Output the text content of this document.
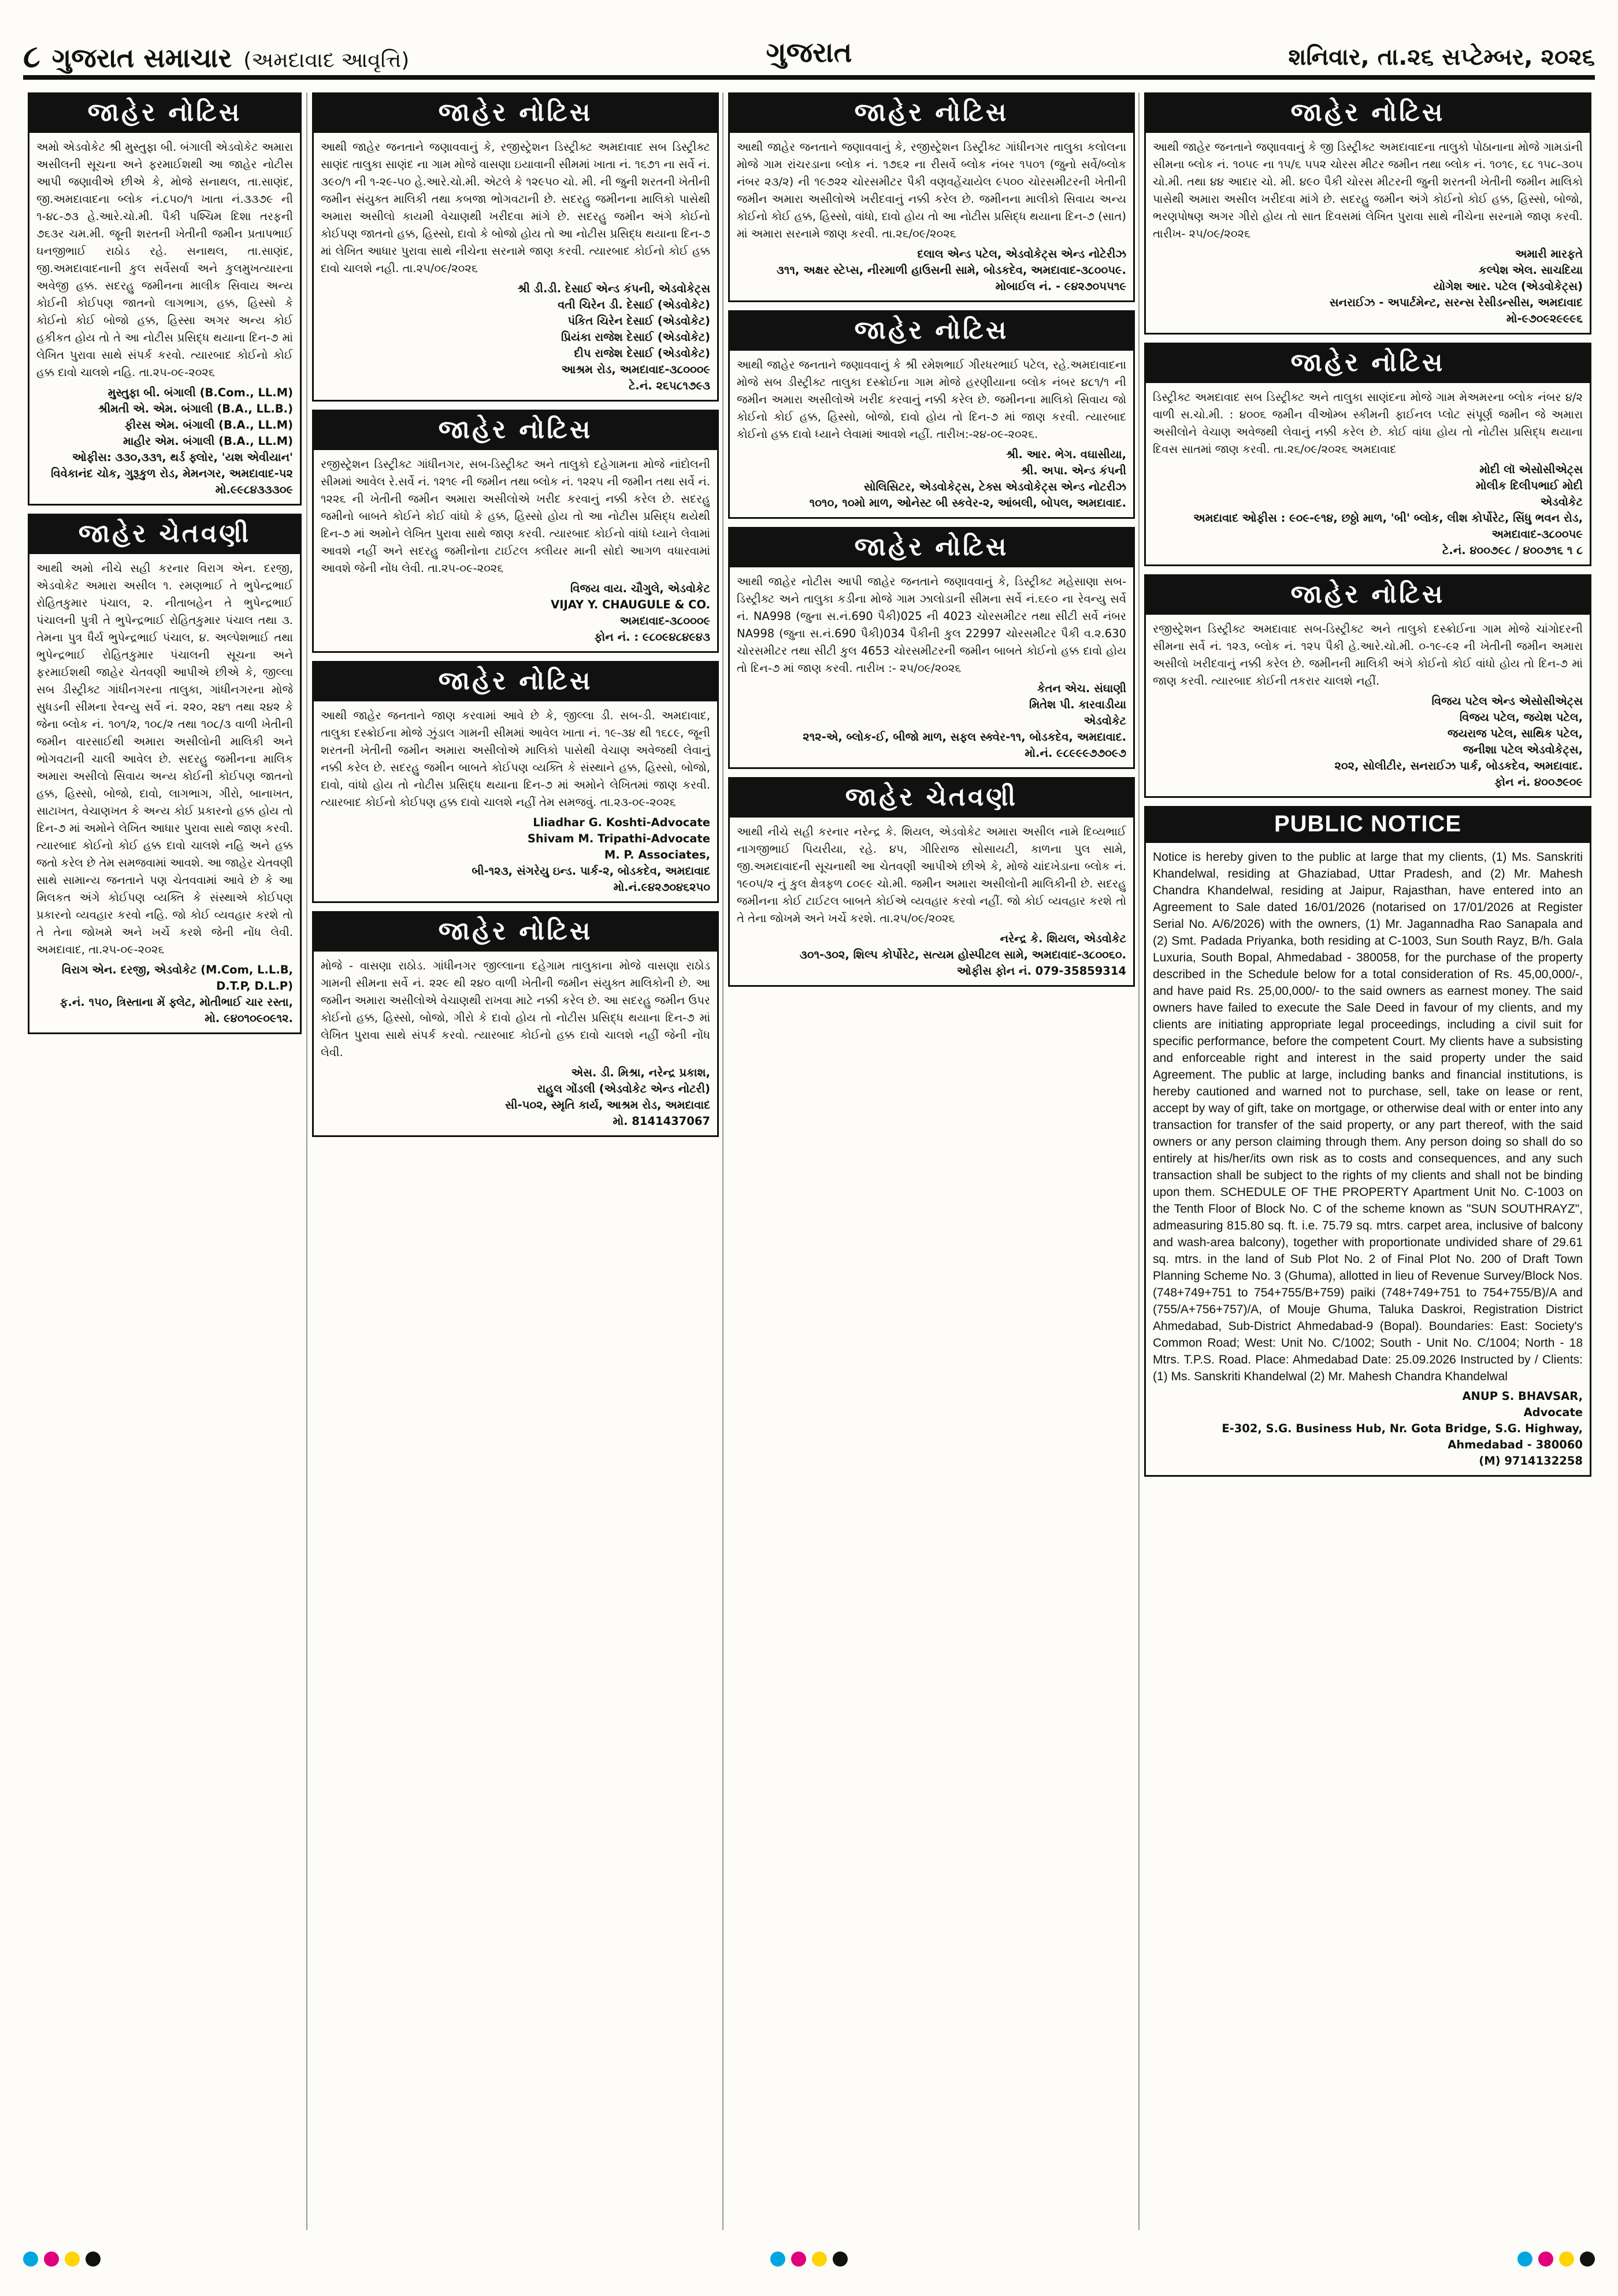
૮ ગુજરાત સમાચાર (અમદાવાદ આવૃત્તિ)	ગુજરાત	શનિવાર, તા.૨૬ સપ્ટેમ્બર, ૨૦૨૬
જાહેર નોટિસ
અમો એડવોકેટ શ્રી મુસ્તુફા બી. બંગાલી એડવોકેટ અમારા અસીલની સૂચના અને ફરમાઈશથી આ જાહેર નોટીસ આપી જણાવીએ છીએ કે, મોજે સનાથલ, તા.સાણંદ, જી.અમદાવાદના બ્લોક નં.૮૫૦/૧ ખાતા નં.૩૩૭૯ ની ૧-૪૮-૭૩ હે.આરે.ચો.મી. પૈકી પશ્ચિમ દિશા તરફની ૭૬૩ર ચમ.મી. જૂની શરતની ખેતીની જમીન પ્રતાપભાઈ ઘનજીભાઈ રાઠોડ રહે. સનાથલ, તા.સાણંદ, જી.અમદાવાદનાની કુલ સર્વેસર્વા અને કુલમુખત્યારના અવેજી હક્ક. સદરહુ જમીનના માલીક સિવાય અન્ય કોઈની કોઈપણ જાતનો લાગભાગ, હક્ક, હિસ્સો કે કોઈનો કોઈ બોજો હક્ક, હિસ્સા અગર અન્ય કોઈ હકીકત હોય તો તે આ નોટીસ પ્રસિદ્ધ થયાના દિન-૭ માં લેખિત પુરાવા સાથે સંપર્ક કરવો. ત્યારબાદ કોઈનો કોઈ હક્ક દાવો ચાલશે નહિ. તા.૨૫-૦૯-૨૦૨૬
મુસ્તુફા બી. બંગાલી (B.Com., LL.M)
શ્રીમતી એ. એમ. બંગાલી (B.A., LL.B.)
ફીરસ એમ. બંગાલી (B.A., LL.M)
માહીર એમ. બંગાલી (B.A., LL.M)
ઓફીસ: ૩૩૦,૩૩૧, થર્ડ ફ્લોર, 'યશ એવીયાન' વિવેકાનંદ ચોક, ગુરૂકુળ રોડ, મેમનગર, અમદાવાદ-૫૨ મો.૯૯૮૪૩૩૩૦૯
જાહેર ચેતવણી
આથી અમો નીચે સહી કરનાર વિરાગ એન. દરજી, એડવોકેટ અમારા અસીલ ૧. રમણભાઈ તે ભુપેન્દ્રભાઈ રોહિતકુમાર પંચાલ, ૨. નીતાબહેન તે ભુપેન્દ્રભાઈ પંચાલની પુત્રી તે ભુપેન્દ્રભાઈ રોહિતકુમાર પંચાલ તથા ૩. તેમના પુત્ર ધૈર્ય ભુપેન્દ્રભાઈ પંચાલ, ૪. અલ્પેશભાઈ તથા ભુપેન્દ્રભાઈ રોહિતકુમાર પંચાલની સૂચના અને ફરમાઈશથી જાહેર ચેતવણી આપીએ છીએ કે, જીલ્લા સબ ડીસ્ટ્રીક્ટ ગાંધીનગરના તાલુકા, ગાંધીનગરના મોજે સુધડની સીમના રેવન્યુ સર્વે નં. ૨૨૦, ૨૪૧ તથા ૨૪૨ કે જેના બ્લોક નં. ૧૦૧/૨, ૧૦૮/૨ તથા ૧૦૮/૩ વાળી ખેતીની જમીન વારસાઈથી અમારા અસીલોની માલિકી અને ભોગવટાની ચાલી આવેલ છે. સદરહુ જમીનના માલિક અમારા અસીલો સિવાય અન્ય કોઈની કોઈપણ જાતનો હક્ક, હિસ્સો, બોજો, દાવો, લાગભાગ, ગીરો, બાનાખત, સાટાખત, વેચાણખત કે અન્ય કોઈ પ્રકારનો હક્ક હોય તો દિન-૭ માં અમોને લેખિત આધાર પુરાવા સાથે જાણ કરવી. ત્યારબાદ કોઈનો કોઈ હક્ક દાવો ચાલશે નહિ અને હક્ક જતો કરેલ છે તેમ સમજવામાં આવશે. આ જાહેર ચેતવણી સાથે સામાન્ય જનતાને પણ ચેતવવામાં આવે છે કે આ મિલકત અંગે કોઈપણ વ્યક્તિ કે સંસ્થાએ કોઈપણ પ્રકારનો વ્યવહાર કરવો નહિ. જો કોઈ વ્યવહાર કરશે તો તે તેના જોખમે અને ખર્ચે કરશે જેની નોંધ લેવી. અમદાવાદ, તા.૨૫-૦૯-૨૦૨૬
વિરાગ એન. દરજી, એડવોકેટ (M.Com, L.L.B, D.T.P, D.L.P)
ફ.નં. ૧૫૦, ત્રિસ્તાના મેં ફ્લેટ, મોતીભાઈ ચાર રસ્તા,
મો. ૯૪૦૧૦૯૦૯૧૨.
જાહેર નોટિસ
આથી જાહેર જનતાને જણાવવાનું કે, રજીસ્ટ્રેશન ડિસ્ટ્રીક્ટ અમદાવાદ સબ ડિસ્ટ્રીક્ટ સાણંદ તાલુકા સાણંદ ના ગામ મોજે વાસણા ઇયાવાની સીમમાં ખાતા નં. ૧૬૭૧ ના સર્વે નં. ૩૯૦/૧ ની ૧-૨૯-૫૦ હે.આરે.ચો.મી. એટલે કે ૧૨૯૫૦ ચો. મી. ની જુની શરતની ખેતીની જમીન સંયુક્ત માલિકી તથા કબજા ભોગવટાની છે. સદરહુ જમીનના માલિકો પાસેથી અમારા અસીલો કાયમી વેચાણથી ખરીદવા માંગે છે. સદરહુ જમીન અંગે કોઈનો કોઈપણ જાતનો હક્ક, હિસ્સો, દાવો કે બોજો હોય તો આ નોટીસ પ્રસિદ્ધ થયાના દિન-૭ માં લેખિત આધાર પુરાવા સાથે નીચેના સરનામે જાણ કરવી. ત્યારબાદ કોઈનો કોઈ હક્ક દાવો ચાલશે નહી. તા.૨૫/૦૯/૨૦૨૬
શ્રી ડી.ડી. દેસાઈ એન્ડ કંપની, એડવોકેટ્સ
વતી ચિરેન ડી. દેસાઈ (એડવોકેટ)
પંકિત ચિરેન દેસાઈ (એડવોકેટ)
પ્રિયંકા રાજેશ દેસાઈ (એડવોકેટ)
દીપ રાજેશ દેસાઈ (એડવોકેટ)
આશ્રમ રોડ, અમદાવાદ-૩૮૦૦૦૯
ટે.નં. ૨૬૫૮૧૭૯૩
જાહેર નોટિસ
રજીસ્ટ્રેશન ડિસ્ટ્રીક્ટ ગાંધીનગર, સબ-ડિસ્ટ્રીક્ટ અને તાલુકો દહેગામના મોજે નાંદોલની સીમમાં આવેલ રે.સર્વે નં. ૧૨૧૯ ની જમીન તથા બ્લોક નં. ૧૨૨૫ ની જમીન તથા સર્વે નં. ૧૨૨૬ ની ખેતીની જમીન અમારા અસીલોએ ખરીદ કરવાનું નક્કી કરેલ છે. સદરહુ જમીનો બાબતે કોઈને કોઈ વાંધો કે હક્ક, હિસ્સો હોય તો આ નોટીસ પ્રસિદ્ધ થયેથી દિન-૭ માં અમોને લેખિત પુરાવા સાથે જાણ કરવી. ત્યારબાદ કોઈનો વાંધો ધ્યાને લેવામાં આવશે નહીં અને સદરહુ જમીનોના ટાઈટલ ક્લીયર માની સોદો આગળ વધારવામાં આવશે જેની નોંધ લેવી. તા.૨૫-૦૯-૨૦૨૬
વિજય વાય. ચૌગુલે, એડવોકેટ
VIJAY Y. CHAUGULE & CO.
અમદાવાદ-૩૮૦૦૦૯
ફોન નં. : ૯૮૦૯૪૮૪૯૪૩
જાહેર નોટિસ
આથી જાહેર જનતાને જાણ કરવામાં આવે છે કે, જીલ્લા ડી. સબ-ડી. અમદાવાદ, તાલુકા દસ્ક્રોઈના મોજે ઝુંડાલ ગામની સીમમાં આવેલ ખાતા નં. ૧૯-૩૪ થી ૧૬૮૯, જૂની શરતની ખેતીની જમીન અમારા અસીલોએ માલિકો પાસેથી વેચાણ અવેજથી લેવાનું નક્કી કરેલ છે. સદરહુ જમીન બાબતે કોઈપણ વ્યક્તિ કે સંસ્થાને હક્ક, હિસ્સો, બોજો, દાવો, વાંધો હોય તો નોટીસ પ્રસિદ્ધ થયાના દિન-૭ માં અમોને લેખિતમાં જાણ કરવી. ત્યારબાદ કોઈનો કોઈપણ હક્ક દાવો ચાલશે નહીં તેમ સમજવું. તા.૨૩-૦૯-૨૦૨૬
Lliadhar G. Koshti-Advocate
Shivam M. Tripathi-Advocate
M. P. Associates,
બી-૧૨૩, સંગરેયુ ઇન્ડ. પાર્ક-૨, બોડકદેવ, અમદાવાદ
મો.નં.૯૪૨૭૦૪૬૨૫૦
જાહેર નોટિસ
મોજે - વાસણા રાઠોડ. ગાંધીનગર જીલ્લાના દહેગામ તાલુકાના મોજે વાસણા રાઠોડ ગામની સીમના સર્વે નં. ૨૨૯ થી ૨૪૦ વાળી ખેતીની જમીન સંયુક્ત માલિકોની છે. આ જમીન અમારા અસીલોએ વેચાણથી રાખવા માટે નક્કી કરેલ છે. આ સદરહુ જમીન ઉપર કોઈનો હક્ક, હિસ્સો, બોજો, ગીરો કે દાવો હોય તો નોટીસ પ્રસિદ્ધ થયાના દિન-૭ માં લેખિત પુરાવા સાથે સંપર્ક કરવો. ત્યારબાદ કોઈનો હક્ક દાવો ચાલશે નહીં જેની નોંધ લેવી.
એસ. ડી. મિશ્રા, નરેન્દ્ર પ્રકાશ,
રાહુલ ગોંડલી (એડવોકેટ એન્ડ નોટરી)
સી-૫૦૨, સ્મૃતિ કાર્ય, આશ્રમ રોડ, અમદાવાદ
મો. 8141437067
જાહેર નોટિસ
આથી જાહેર જનતાને જણાવવાનું કે, રજીસ્ટ્રેશન ડિસ્ટ્રીક્ટ ગાંધીનગર તાલુકા કલોલના મોજે ગામ રાંચરડાના બ્લોક નં. ૧૭૬૨ ના રીસર્વે બ્લોક નંબર ૧૫૦૧ (જુનો સર્વે/બ્લોક નંબર ૨૩/૨) ની ૧૯૭૨૨ ચોરસમીટર પૈકી વણવહેંચાયેલ ૯૫૦૦ ચોરસમીટરની ખેતીની જમીન અમારા અસીલોએ ખરીદવાનું નક્કી કરેલ છે. જમીનના માલીકો સિવાય અન્ય કોઈનો કોઈ હક્ક, હિસ્સો, વાંધો, દાવો હોય તો આ નોટીસ પ્રસિદ્ધ થયાના દિન-૭ (સાત) માં અમારા સરનામે જાણ કરવી. તા.૨૬/૦૯/૨૦૨૬
દલાલ એન્ડ પટેલ, એડવોકેટ્સ એન્ડ નોટેરીઝ
૩૧૧, અક્ષર સ્ટેપ્સ, નીરમાળી હાઉસની સામે, બોડકદેવ, અમદાવાદ-૩૮૦૦૫૯.
મોબાઈલ નં. - ૯૪૨૭૦૫૫૧૯
જાહેર નોટિસ
આથી જાહેર જનતાને જણાવવાનું કે શ્રી રમેશભાઈ ગીરધરભાઈ પટેલ, રહે.અમદાવાદના મોજે સબ ડીસ્ટ્રીક્ટ તાલુકા દસ્ક્રોઈના ગામ મોજે હરણીયાના બ્લોક નંબર ૪૮૧/૧ ની જમીન અમારા અસીલોએ ખરીદ કરવાનું નક્કી કરેલ છે. જમીનના માલિકો સિવાય જો કોઈનો કોઈ હક્ક, હિસ્સો, બોજો, દાવો હોય તો દિન-૭ માં જાણ કરવી. ત્યારબાદ કોઈનો હક્ક દાવો ધ્યાને લેવામાં આવશે નહીં. તારીખ:-૨૪-૦૯-૨૦૨૬.
શ્રી. આર. ભેગ. વઘાસીયા,
શ્રી. અપા. એન્ડ કંપની
સોલિસિટર, એડવોકેટ્સ, ટેક્સ એડવોકેટ્સ એન્ડ નોટરીઝ
૧૦૧૦, ૧૦મો માળ, ઓનેસ્ટ બી સ્કવેર-૨, આંબલી, બોપલ, અમદાવાદ.
જાહેર નોટિસ
આથી જાહેર નોટીસ આપી જાહેર જનતાને જણાવવાનું કે, ડિસ્ટ્રીક્ટ મહેસાણા સબ-ડિસ્ટ્રીક્ટ અને તાલુકા કડીના મોજે ગામ ઝાલોડાની સીમના સર્વે નં.૬૯૦ ના રેવન્યુ સર્વે નં. NA998 (જુના સ.નં.690 પૈકી)025 ની 4023 ચોરસમીટર તથા સીટી સર્વે નંબર NA998 (જુના સ.નં.690 પૈકી)034 પૈકીની કુલ 22997 ચોરસમીટર પૈકી વ.૨.630 ચોરસમીટર તથા સીટી કુલ 4653 ચોરસમીટરની જમીન બાબતે કોઈનો હક્ક દાવો હોય તો દિન-૭ માં જાણ કરવી. તારીખ :- ૨૫/૦૯/૨૦૨૬
કેતન એચ. સંઘાણી
મિતેશ પી. કારવાડીયા
એડવોકેટ
૨૧૨-એ, બ્લોક-ઈ, બીજો માળ, સફલ સ્ક્વેર-૧૧, બોડકદેવ, અમદાવાદ.
મો.નં. ૯૮૯૯૯૭૭૦૯૭
જાહેર ચેતવણી
આથી નીચે સહી કરનાર નરેન્દ્ર કે. શિયલ, એડવોકેટ અમારા અસીલ નામે દિવ્યભાઈ નાગજીભાઈ પિયરીયા, રહે. ૪૫, ગીરિરાજ સોસાયટી, કાળના પુલ સામે, જી.અમદાવાદની સૂચનાથી આ ચેતવણી આપીએ છીએ કે, મોજે ચાંદખેડાના બ્લોક નં. ૧૯૦૫/૨ નું કુલ ક્ષેત્રફળ ૮૦૯૯ ચો.મી. જમીન અમારા અસીલોની માલિકીની છે. સદરહુ જમીનના કોઈ ટાઈટલ બાબતે કોઈએ વ્યવહાર કરવો નહીં. જો કોઈ વ્યવહાર કરશે તો તે તેના જોખમે અને ખર્ચે કરશે. તા.૨૫/૦૯/૨૦૨૬
નરેન્દ્ર કે. શિયલ, એડવોકેટ
૩૦૧-૩૦૨, શિલ્પ કોર્પોરેટ, સત્યમ હોસ્પીટલ સામે, અમદાવાદ-૩૮૦૦૬૦.
ઓફીસ ફોન નં. 079-35859314
જાહેર નોટિસ
આથી જાહેર જનતાને જણાવવાનું કે જી ડિસ્ટ્રીક્ટ અમદાવાદના તાલુકો પોઠાનાના મોજે ગામડાંની સીમના બ્લોક નં. ૧૦૫૯ ના ૧૫/૬ ૫૫૨ ચોરસ મીટર જમીન તથા બ્લોક નં. ૧૦૧૯, ૬૮ ૧૫૮-૩૦૫ ચો.મી. તથા ૪૪ આદાર ચો. મી. ૪૯૦ પૈકી ચોરસ મીટરની જુની શરતની ખેતીની જમીન માલિકો પાસેથી અમારા અસીલ ખરીદવા માંગે છે. સદરહુ જમીન અંગે કોઈનો કોઈ હક્ક, હિસ્સો, બોજો, ભરણપોષણ અગર ગીરો હોય તો સાત દિવસમાં લેખિત પુરાવા સાથે નીચેના સરનામે જાણ કરવી. તારીખ- ૨૫/૦૯/૨૦૨૬
અમારી મારફતે
કલ્પેશ એલ. સાચદિયા
યોગેશ આર. પટેલ (એડવોકેટ્સ)
સનરાઈઝ - અપાર્ટમેન્ટ, સરન્સ રેસીડન્સીસ, અમદાવાદ
મો-૯૭૦૯૨૯૯૯૬
જાહેર નોટિસ
ડિસ્ટ્રીક્ટ અમદાવાદ સબ ડિસ્ટ્રીક્ટ અને તાલુકા સાણંદના મોજે ગામ મેઅમરના બ્લોક નંબર ૪/૨ વાળી સ.ચો.મી. : ૪૦૦૬ જમીન વીઓમ્બ સ્કીમની ફાઈનલ પ્લોટ સંપૂર્ણ જમીન જે અમારા અસીલોને વેચાણ અવેજથી લેવાનું નક્કી કરેલ છે. કોઈ વાંધા હોય તો નોટીસ પ્રસિદ્ધ થયાના દિવસ સાતમાં જાણ કરવી. તા.૨૬/૦૯/૨૦૨૬ અમદાવાદ
મોદી લૉ એસોસીએટ્સ
મોલીક દિલીપભાઈ મોદી
એડવોકેટ
અમદાવાદ ઓફીસ : ૯૦૯-૯૧૪, છઠ્ઠો માળ, 'બી' બ્લોક, લીશ કોર્પોરેટ, સિંધુ ભવન રોડ, અમદાવાદ-૩૮૦૦૫૯
ટે.નં. ૪૦૦૭૯૮ / ૪૦૦૭૧૬ ૧ ૮
જાહેર નોટિસ
રજીસ્ટ્રેશન ડિસ્ટ્રીક્ટ અમદાવાદ સબ-ડિસ્ટ્રીક્ટ અને તાલુકો દસ્ક્રોઈના ગામ મોજે ચાંગોદરની સીમના સર્વે નં. ૧૨૩, બ્લોક નં. ૧૨૫ પૈકી હે.આરે.ચો.મી. ૦-૧૯-૯૨ ની ખેતીની જમીન અમારા અસીલો ખરીદવાનું નક્કી કરેલ છે. જમીનની માલિકી અંગે કોઈનો કોઈ વાંધો હોય તો દિન-૭ માં જાણ કરવી. ત્યારબાદ કોઈની તકરાર ચાલશે નહીં.
વિજય પટેલ એન્ડ એસોસીએટ્સ
વિજય પટેલ, જયેશ પટેલ,
જયરાજ પટેલ, સાથિક પટેલ,
જનીશા પટેલ એડવોકેટ્સ,
૨૦૨, સોલીટીર, સનરાઈઝ પાર્ક, બોડકદેવ, અમદાવાદ.
ફોન નં. ૪૦૦૭૯૦૯
PUBLIC NOTICE
Notice is hereby given to the public at large that my clients, (1) Ms. Sanskriti Khandelwal, residing at Ghaziabad, Uttar Pradesh, and (2) Mr. Mahesh Chandra Khandelwal, residing at Jaipur, Rajasthan, have entered into an Agreement to Sale dated 16/01/2026 (notarised on 17/01/2026 at Register Serial No. A/6/2026) with the owners, (1) Mr. Jagannadha Rao Sanapala and (2) Smt. Padada Priyanka, both residing at C-1003, Sun South Rayz, B/h. Gala Luxuria, South Bopal, Ahmedabad - 380058, for the purchase of the property described in the Schedule below for a total consideration of Rs. 45,00,000/-, and have paid Rs. 25,00,000/- to the said owners as earnest money. The said owners have failed to execute the Sale Deed in favour of my clients, and my clients are initiating appropriate legal proceedings, including a civil suit for specific performance, before the competent Court. My clients have a subsisting and enforceable right and interest in the said property under the said Agreement. The public at large, including banks and financial institutions, is hereby cautioned and warned not to purchase, sell, take on lease or rent, accept by way of gift, take on mortgage, or otherwise deal with or enter into any transaction for transfer of the said property, or any part thereof, with the said owners or any person claiming through them. Any person doing so shall do so entirely at his/her/its own risk as to costs and consequences, and any such transaction shall be subject to the rights of my clients and shall not be binding upon them. SCHEDULE OF THE PROPERTY Apartment Unit No. C-1003 on the Tenth Floor of Block No. C of the scheme known as "SUN SOUTHRAYZ", admeasuring 815.80 sq. ft. i.e. 75.79 sq. mtrs. carpet area, inclusive of balcony and wash-area balcony), together with proportionate undivided share of 29.61 sq. mtrs. in the land of Sub Plot No. 2 of Final Plot No. 200 of Draft Town Planning Scheme No. 3 (Ghuma), allotted in lieu of Revenue Survey/Block Nos. (748+749+751 to 754+755/B+759) paiki (748+749+751 to 754+755/B)/A and (755/A+756+757)/A, of Mouje Ghuma, Taluka Daskroi, Registration District Ahmedabad, Sub-District Ahmedabad-9 (Bopal). Boundaries: East: Society's Common Road; West: Unit No. C/1002; South - Unit No. C/1004; North - 18 Mtrs. T.P.S. Road. Place: Ahmedabad Date: 25.09.2026 Instructed by / Clients: (1) Ms. Sanskriti Khandelwal (2) Mr. Mahesh Chandra Khandelwal
ANUP S. BHAVSAR,
Advocate
E-302, S.G. Business Hub, Nr. Gota Bridge, S.G. Highway, Ahmedabad - 380060
(M) 9714132258
